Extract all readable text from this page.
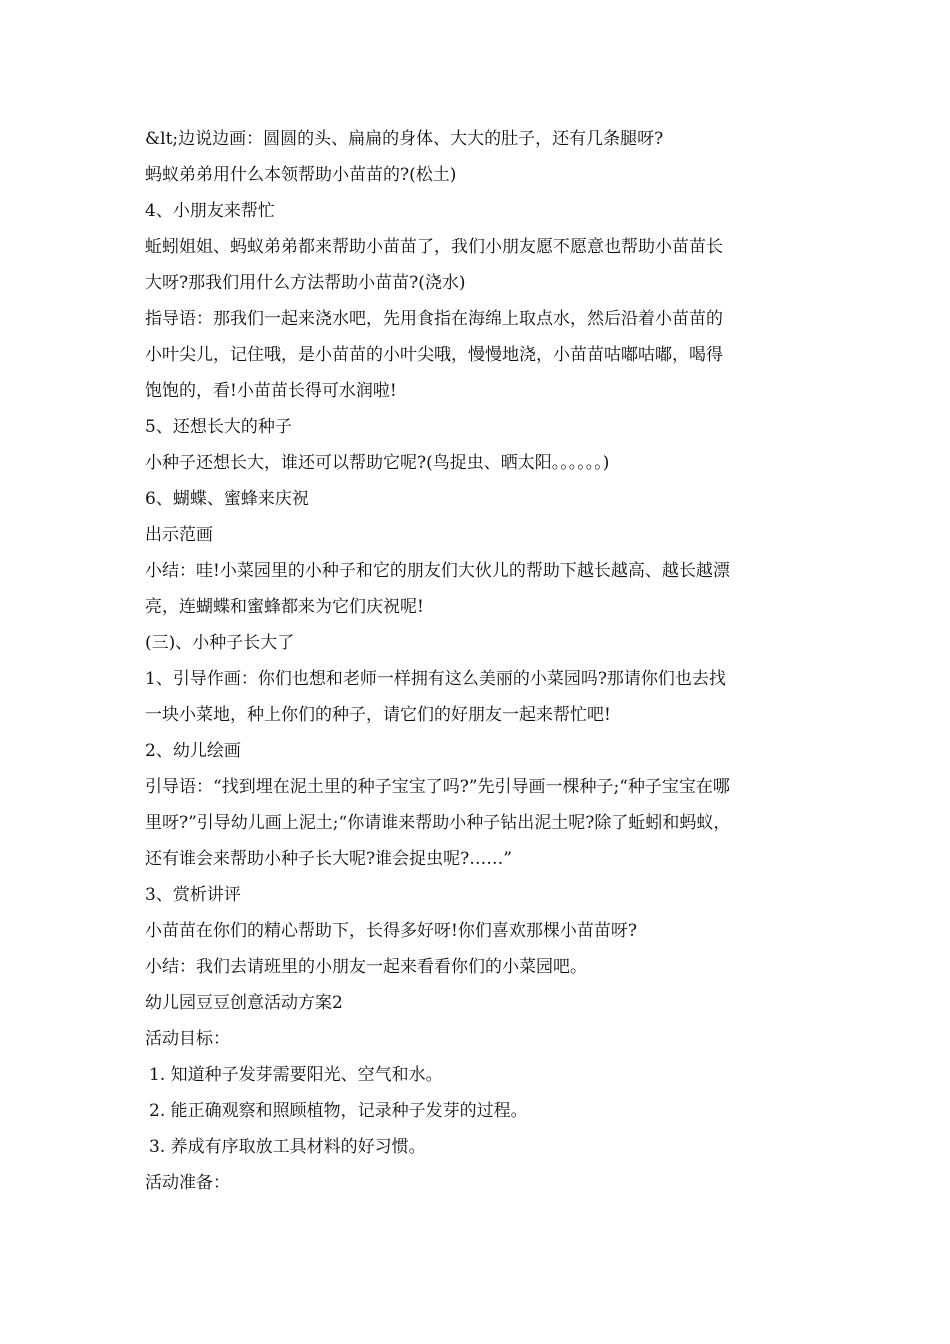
&lt;边说边画：圆圆的头、扁扁的身体、大大的肚子，还有几条腿呀?

蚂蚁弟弟用什么本领帮助小苗苗的?(松土)

4、小朋友来帮忙

蚯蚓姐姐、蚂蚁弟弟都来帮助小苗苗了，我们小朋友愿不愿意也帮助小苗苗长

大呀?那我们用什么方法帮助小苗苗?(浇水)

指导语：那我们一起来浇水吧，先用食指在海绵上取点水，然后沿着小苗苗的

小叶尖儿，记住哦，是小苗苗的小叶尖哦，慢慢地浇，小苗苗咕嘟咕嘟，喝得

饱饱的，看!小苗苗长得可水润啦!

5、还想长大的种子

小种子还想长大，谁还可以帮助它呢?(鸟捉虫、晒太阳。。。。。。)

6、蝴蝶、蜜蜂来庆祝

出示范画

小结：哇!小菜园里的小种子和它的朋友们大伙儿的帮助下越长越高、越长越漂

亮，连蝴蝶和蜜蜂都来为它们庆祝呢!

(三)、小种子长大了

1、引导作画：你们也想和老师一样拥有这么美丽的小菜园吗?那请你们也去找

一块小菜地，种上你们的种子，请它们的好朋友一起来帮忙吧!

2、幼儿绘画

引导语：“找到埋在泥土里的种子宝宝了吗?”先引导画一棵种子;“种子宝宝在哪

里呀?”引导幼儿画上泥土;“你请谁来帮助小种子钻出泥土呢?除了蚯蚓和蚂蚁，

还有谁会来帮助小种子长大呢?谁会捉虫呢?……”

3、赏析讲评

小苗苗在你们的精心帮助下，长得多好呀!你们喜欢那棵小苗苗呀?

小结：我们去请班里的小朋友一起来看看你们的小菜园吧。

幼儿园豆豆创意活动方案2

活动目标：

1. 知道种子发芽需要阳光、空气和水。

2. 能正确观察和照顾植物，记录种子发芽的过程。

3. 养成有序取放工具材料的好习惯。

活动准备：
